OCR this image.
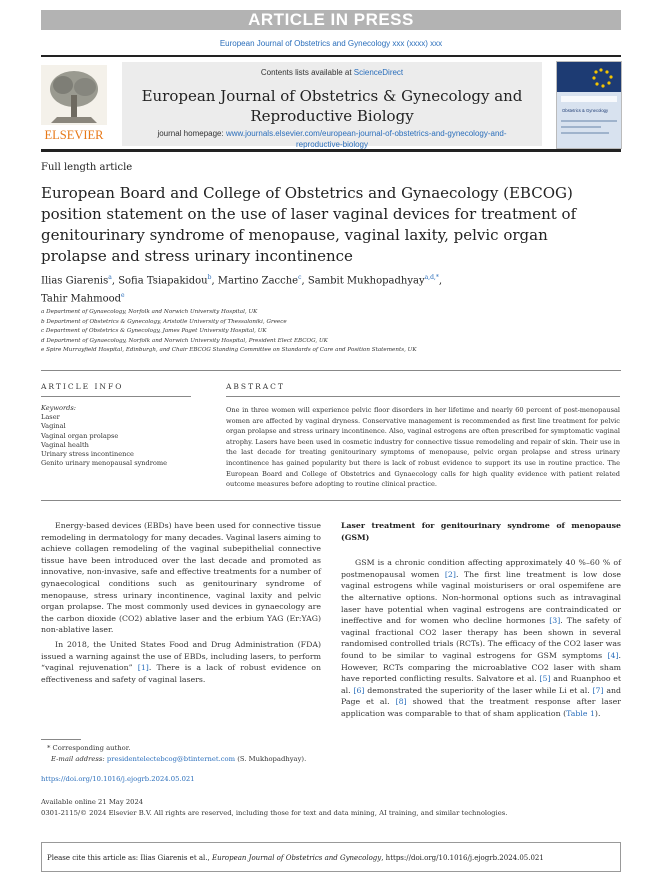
ARTICLE IN PRESS
European Journal of Obstetrics and Gynecology xxx (xxxx) xxx
ELSEVIER
Contents lists available at ScienceDirect
European Journal of Obstetrics & Gynecology and
Reproductive Biology
journal homepage: www.journals.elsevier.com/european-journal-of-obstetrics-and-gynecology-and-
reproductive-biology
Obstetrics & Gynecology
Full length article
European Board and College of Obstetrics and Gynaecology (EBCOG)
position statement on the use of laser vaginal devices for treatment of
genitourinary syndrome of menopause, vaginal laxity, pelvic organ
prolapse and stress urinary incontinence
Ilias Giarenis$^a$, Sofia Tsiapakidou$^b$, Martino Zacche$^c$, Sambit Mukhopadhyay$^{a,d,*}$,
Tahir Mahmood$^e$
a Department of Gynaecology, Norfolk and Norwich University Hospital, UK
b Department of Obstetrics & Gynecology, Aristotle University of Thessaloniki, Greece
c Department of Obstetrics & Gynecology, James Paget University Hospital, UK
d Department of Gynaecology, Norfolk and Norwich University Hospital, President Elect EBCOG, UK
e Spire Murrayfield Hospital, Edinburgh, and Chair EBCOG Standing Committee on Standards of Care and Position Statements, UK
ARTICLE INFO	ABSTRACT
Keywords:
Laser
Vaginal
Vaginal organ prolapse
Vaginal health
Urinary stress incontinence
Genito urinary menopausal syndrome
One in three women will experience pelvic floor disorders in her lifetime and nearly 60 percent of post-menopausal women are affected by vaginal dryness. Conservative management is recommended as first line treatment for pelvic organ prolapse and stress urinary incontinence. Also, vaginal estrogens are often prescribed for symptomatic vaginal atrophy. Lasers have been used in cosmetic industry for connective tissue remodeling and repair of skin. Their use in the last decade for treating genitourinary symptoms of menopause, pelvic organ prolapse and stress urinary incontinence has gained popularity but there is lack of robust evidence to support its use in routine practice. The European Board and College of Obstetrics and Gynaecology calls for high quality evidence with patient related outcome measures before adopting to routine clinical practice.

Energy-based devices (EBDs) have been used for connective tissue remodeling in dermatology for many decades. Vaginal lasers aiming to achieve collagen remodeling of the vaginal subepithelial connective tissue have been introduced over the last decade and promoted as innovative, non-invasive, safe and effective treatments for a number of gynaecological conditions such as genitourinary syndrome of menopause, stress urinary incontinence, vaginal laxity and pelvic organ prolapse. The most commonly used devices in gynaecology are the carbon dioxide (CO2) ablative laser and the erbium YAG (Er:YAG) non-ablative laser.

In 2018, the United States Food and Drug Administration (FDA) issued a warning against the use of EBDs, including lasers, to perform “vaginal rejuvenation” [1]. There is a lack of robust evidence on effectiveness and safety of vaginal lasers.

Laser treatment for genitourinary syndrome of menopause (GSM)

GSM is a chronic condition affecting approximately 40 %–60 % of postmenopausal women [2]. The first line treatment is low dose vaginal estrogens while vaginal moisturisers or oral ospemifene are the alternative options. Non-hormonal options such as intravaginal laser have potential when vaginal estrogens are contraindicated or ineffective and for women who decline hormones [3]. The safety of vaginal fractional CO2 laser therapy has been shown in several randomised controlled trials (RCTs). The efficacy of the CO2 laser was found to be similar to vaginal estrogens for GSM symptoms [4]. However, RCTs comparing the microablative CO2 laser with sham have reported conflicting results. Salvatore et al. [5] and Ruanphoo et al. [6] demonstrated the superiority of the laser while Li et al. [7] and Page et al. [8] showed that the treatment response after laser application was comparable to that of sham application (Table 1).

* Corresponding author.
E-mail address: presidentelectebcog@btinternet.com (S. Mukhopadhyay).
https://doi.org/10.1016/j.ejogrb.2024.05.021
Available online 21 May 2024
0301-2115/© 2024 Elsevier B.V. All rights are reserved, including those for text and data mining, AI training, and similar technologies.
Please cite this article as: Ilias Giarenis et al., European Journal of Obstetrics and Gynecology, https://doi.org/10.1016/j.ejogrb.2024.05.021
